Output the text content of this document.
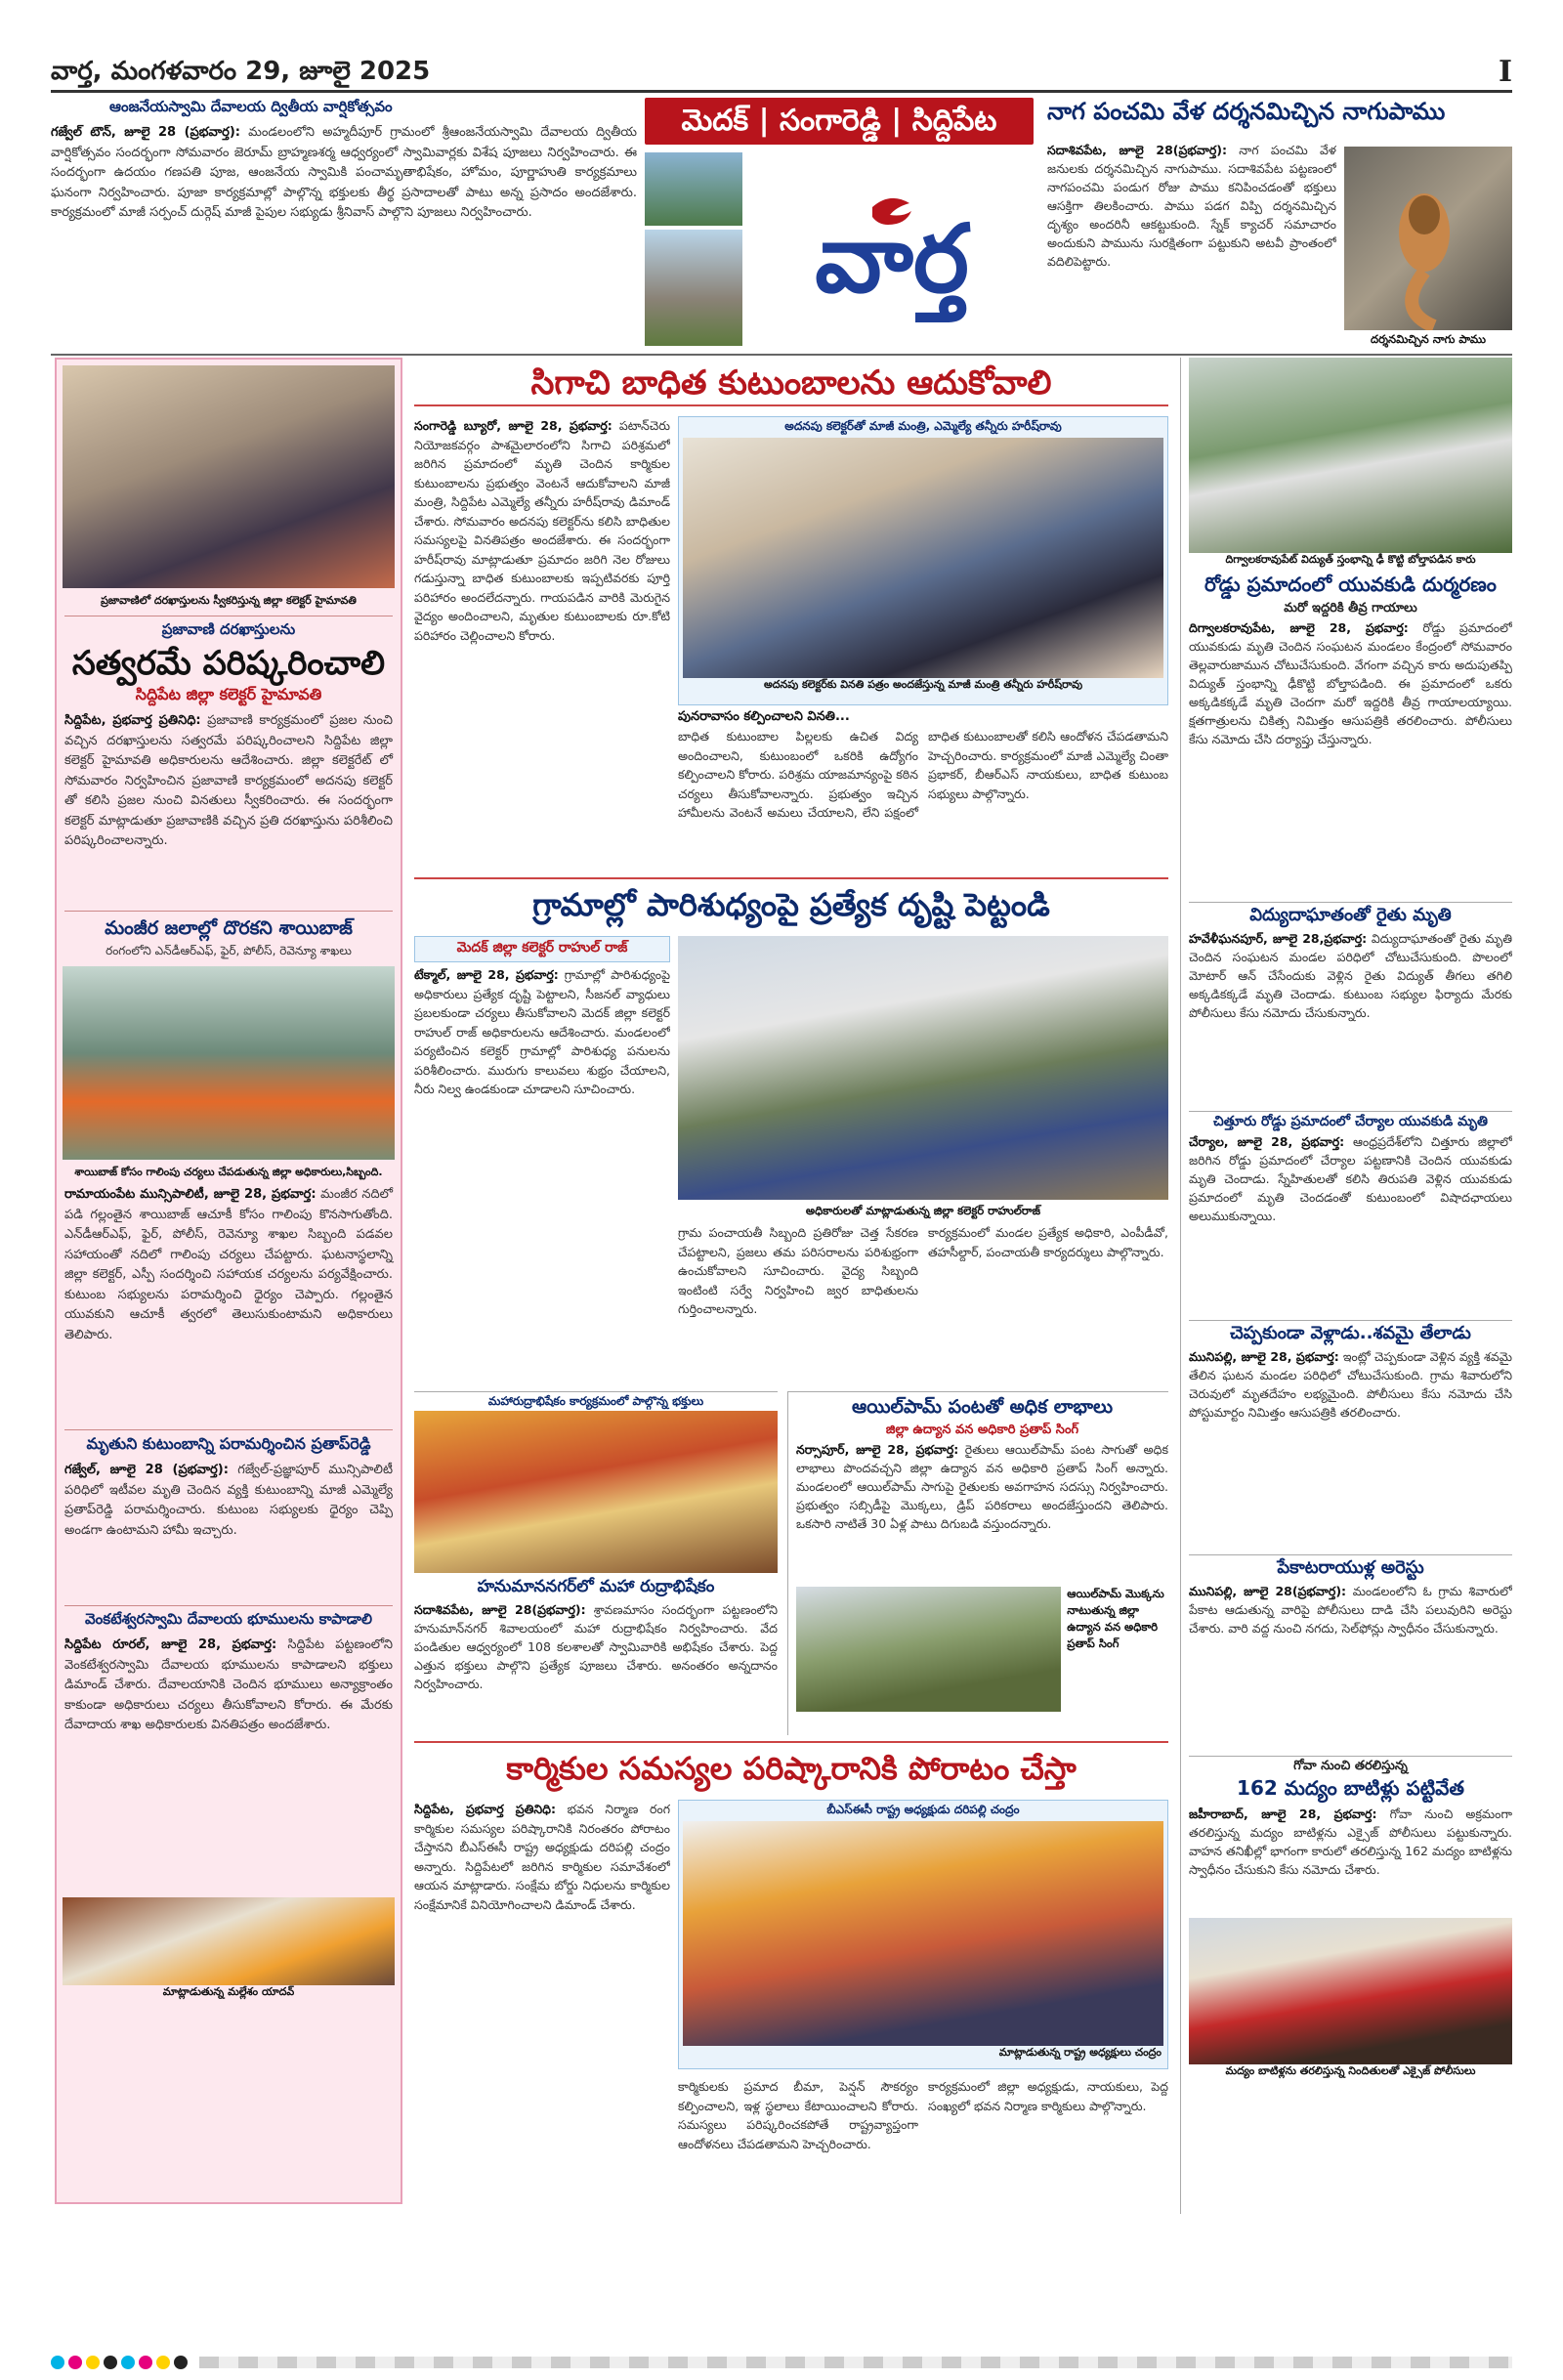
వార్త, మంగళవారం 29, జూలై 2025	I
ఆంజనేయస్వామి దేవాలయ ద్వితీయ వార్షికోత్సవం
గజ్వేల్ టౌన్, జూలై 28 (ప్రభవార్త): మండలంలోని అహ్మదీపూర్ గ్రామంలో శ్రీఆంజనేయస్వామి దేవాలయ ద్వితీయ వార్షికోత్సవం సందర్భంగా సోమవారం జెరూమ్ బ్రాహ్మణశర్మ ఆధ్వర్యంలో స్వామివార్లకు విశేష పూజలు నిర్వహించారు. ఈ సందర్భంగా ఉదయం గణపతి పూజ, ఆంజనేయ స్వామికి పంచామృతాభిషేకం, హోమం, పూర్ణాహుతి కార్యక్రమాలు ఘనంగా నిర్వహించారు. పూజా కార్యక్రమాల్లో పాల్గొన్న భక్తులకు తీర్థ ప్రసాదాలతో పాటు అన్న ప్రసాదం అందజేశారు. కార్యక్రమంలో మాజీ సర్పంచ్ దుర్గెష్ మాజీ పైపుల సభ్యుడు శ్రీనివాస్ పాల్గొని పూజలు నిర్వహించారు.
మెదక్ | సంగారెడ్డి | సిద్దిపేట
వార్త
నాగ పంచమి వేళ దర్శనమిచ్చిన నాగుపాము
సదాశివపేట, జూలై 28(ప్రభవార్త): నాగ పంచమి వేళ జనులకు దర్శనమిచ్చిన నాగుపాము. సదాశివపేట పట్టణంలో నాగపంచమి పండుగ రోజు పాము కనిపించడంతో భక్తులు ఆసక్తిగా తిలకించారు. పాము పడగ విప్పి దర్శనమిచ్చిన దృశ్యం అందరినీ ఆకట్టుకుంది. స్నేక్ క్యాచర్ సమాచారం అందుకుని పామును సురక్షితంగా పట్టుకుని అటవీ ప్రాంతంలో వదిలిపెట్టారు.
దర్శనమిచ్చిన నాగు పాము
ప్రజావాణిలో దరఖాస్తులను స్వీకరిస్తున్న జిల్లా కలెక్టర్ హైమావతి
ప్రజావాణి దరఖాస్తులను
సత్వరమే పరిష్కరించాలి
సిద్దిపేట జిల్లా కలెక్టర్ హైమావతి
సిద్దిపేట, ప్రభవార్త ప్రతినిధి: ప్రజావాణి కార్యక్రమంలో ప్రజల నుంచి వచ్చిన దరఖాస్తులను సత్వరమే పరిష్కరించాలని సిద్దిపేట జిల్లా కలెక్టర్ హైమావతి అధికారులను ఆదేశించారు. జిల్లా కలెక్టరేట్ లో సోమవారం నిర్వహించిన ప్రజావాణి కార్యక్రమంలో అదనపు కలెక్టర్ తో కలిసి ప్రజల నుంచి వినతులు స్వీకరించారు. ఈ సందర్భంగా కలెక్టర్ మాట్లాడుతూ ప్రజావాణికి వచ్చిన ప్రతి దరఖాస్తును పరిశీలించి పరిష్కరించాలన్నారు.
మంజీర జలాల్లో దొరకని శాయిబాజ్
రంగంలోని ఎన్‌డీఆర్‌ఎఫ్, ఫైర్, పోలీస్, రెవెన్యూ శాఖలు
శాయిబాజ్ కోసం గాలింపు చర్యలు చేపడుతున్న జిల్లా అధికారులు,సిబ్బంది.
రామాయంపేట మున్సిపాలిటీ, జూలై 28, ప్రభవార్త: మంజీర నదిలో పడి గల్లంతైన శాయిబాజ్ ఆచూకీ కోసం గాలింపు కొనసాగుతోంది. ఎన్‌డీఆర్‌ఎఫ్, ఫైర్, పోలీస్, రెవెన్యూ శాఖల సిబ్బంది పడవల సహాయంతో నదిలో గాలింపు చర్యలు చేపట్టారు. ఘటనాస్థలాన్ని జిల్లా కలెక్టర్, ఎస్పీ సందర్శించి సహాయక చర్యలను పర్యవేక్షించారు. కుటుంబ సభ్యులను పరామర్శించి ధైర్యం చెప్పారు. గల్లంతైన యువకుని ఆచూకీ త్వరలో తెలుసుకుంటామని అధికారులు తెలిపారు.
మృతుని కుటుంబాన్ని పరామర్శించిన ప్రతాప్‌రెడ్డి
గజ్వేల్, జూలై 28 (ప్రభవార్త): గజ్వేల్-ప్రజ్ఞాపూర్ మున్సిపాలిటీ పరిధిలో ఇటీవల మృతి చెందిన వ్యక్తి కుటుంబాన్ని మాజీ ఎమ్మెల్యే ప్రతాప్‌రెడ్డి పరామర్శించారు. కుటుంబ సభ్యులకు ధైర్యం చెప్పి అండగా ఉంటామని హామీ ఇచ్చారు.
వెంకటేశ్వరస్వామి దేవాలయ భూములను కాపాడాలి
సిద్దిపేట రూరల్, జూలై 28, ప్రభవార్త: సిద్దిపేట పట్టణంలోని వెంకటేశ్వరస్వామి దేవాలయ భూములను కాపాడాలని భక్తులు డిమాండ్ చేశారు. దేవాలయానికి చెందిన భూములు అన్యాక్రాంతం కాకుండా అధికారులు చర్యలు తీసుకోవాలని కోరారు. ఈ మేరకు దేవాదాయ శాఖ అధికారులకు వినతిపత్రం అందజేశారు.
మాట్లాడుతున్న మల్లేశం యాదవ్
సిగాచి బాధిత కుటుంబాలను ఆదుకోవాలి
సంగారెడ్డి బ్యూరో, జూలై 28, ప్రభవార్త: పటాన్‌చెరు నియోజకవర్గం పాశమైలారంలోని సిగాచి పరిశ్రమలో జరిగిన ప్రమాదంలో మృతి చెందిన కార్మికుల కుటుంబాలను ప్రభుత్వం వెంటనే ఆదుకోవాలని మాజీ మంత్రి, సిద్దిపేట ఎమ్మెల్యే తన్నీరు హరీష్‌రావు డిమాండ్ చేశారు. సోమవారం అదనపు కలెక్టర్‌ను కలిసి బాధితుల సమస్యలపై వినతిపత్రం అందజేశారు. ఈ సందర్భంగా హరీష్‌రావు మాట్లాడుతూ ప్రమాదం జరిగి నెల రోజులు గడుస్తున్నా బాధిత కుటుంబాలకు ఇప్పటివరకు పూర్తి పరిహారం అందలేదన్నారు. గాయపడిన వారికి మెరుగైన వైద్యం అందించాలని, మృతుల కుటుంబాలకు రూ.కోటి పరిహారం చెల్లించాలని కోరారు.
అదనపు కలెక్టర్‌తో మాజీ మంత్రి, ఎమ్మెల్యే తన్నీరు హరీష్‌రావు
అదనపు కలెక్టర్‌కు వినతి పత్రం అందజేస్తున్న మాజీ మంత్రి తన్నీరు హరీష్‌రావు
పునరావాసం కల్పించాలని వినతి...
బాధిత కుటుంబాల పిల్లలకు ఉచిత విద్య అందించాలని, కుటుంబంలో ఒకరికి ఉద్యోగం కల్పించాలని కోరారు. పరిశ్రమ యాజమాన్యంపై కఠిన చర్యలు తీసుకోవాలన్నారు. ప్రభుత్వం ఇచ్చిన హామీలను వెంటనే అమలు చేయాలని, లేని పక్షంలో బాధిత కుటుంబాలతో కలిసి ఆందోళన చేపడతామని హెచ్చరించారు. కార్యక్రమంలో మాజీ ఎమ్మెల్యే చింతా ప్రభాకర్, బీఆర్‌ఎస్ నాయకులు, బాధిత కుటుంబ సభ్యులు పాల్గొన్నారు.
దిగ్వాలకరావుపేట్ విద్యుత్ స్తంభాన్ని ఢీ కొట్టి బోల్తాపడిన కారు
రోడ్డు ప్రమాదంలో యువకుడి దుర్మరణం
మరో ఇద్దరికి తీవ్ర గాయాలు
దిగ్వాలకరావుపేట, జూలై 28, ప్రభవార్త: రోడ్డు ప్రమాదంలో యువకుడు మృతి చెందిన సంఘటన మండలం కేంద్రంలో సోమవారం తెల్లవారుజామున చోటుచేసుకుంది. వేగంగా వచ్చిన కారు అదుపుతప్పి విద్యుత్ స్తంభాన్ని ఢీకొట్టి బోల్తాపడింది. ఈ ప్రమాదంలో ఒకరు అక్కడికక్కడే మృతి చెందగా మరో ఇద్దరికి తీవ్ర గాయాలయ్యాయి. క్షతగాత్రులను చికిత్స నిమిత్తం ఆసుపత్రికి తరలించారు. పోలీసులు కేసు నమోదు చేసి దర్యాప్తు చేస్తున్నారు.
విద్యుదాఘాతంతో రైతు మృతి
హవేళీఘనపూర్, జూలై 28,ప్రభవార్త: విద్యుదాఘాతంతో రైతు మృతి చెందిన సంఘటన మండల పరిధిలో చోటుచేసుకుంది. పొలంలో మోటార్ ఆన్ చేసేందుకు వెళ్లిన రైతు విద్యుత్ తీగలు తగిలి అక్కడికక్కడే మృతి చెందాడు. కుటుంబ సభ్యుల ఫిర్యాదు మేరకు పోలీసులు కేసు నమోదు చేసుకున్నారు.
చిత్తూరు రోడ్డు ప్రమాదంలో చేర్యాల యువకుడి మృతి
చేర్యాల, జూలై 28, ప్రభవార్త: ఆంధ్రప్రదేశ్‌లోని చిత్తూరు జిల్లాలో జరిగిన రోడ్డు ప్రమాదంలో చేర్యాల పట్టణానికి చెందిన యువకుడు మృతి చెందాడు. స్నేహితులతో కలిసి తిరుపతి వెళ్లిన యువకుడు ప్రమాదంలో మృతి చెందడంతో కుటుంబంలో విషాదఛాయలు అలుముకున్నాయి.
చెప్పకుండా వెళ్లాడు..శవమై తేలాడు
మునిపల్లి, జూలై 28, ప్రభవార్త: ఇంట్లో చెప్పకుండా వెళ్లిన వ్యక్తి శవమై తేలిన ఘటన మండల పరిధిలో చోటుచేసుకుంది. గ్రామ శివారులోని చెరువులో మృతదేహం లభ్యమైంది. పోలీసులు కేసు నమోదు చేసి పోస్టుమార్టం నిమిత్తం ఆసుపత్రికి తరలించారు.
పేకాటరాయుళ్ల అరెస్టు
మునిపల్లి, జూలై 28(ప్రభవార్త): మండలంలోని ఓ గ్రామ శివారులో పేకాట ఆడుతున్న వారిపై పోలీసులు దాడి చేసి పలువురిని అరెస్టు చేశారు. వారి వద్ద నుంచి నగదు, సెల్‌ఫోన్లు స్వాధీనం చేసుకున్నారు.
గోవా నుంచి తరలిస్తున్న
162 మద్యం బాటిళ్లు పట్టివేత
జహీరాబాద్, జూలై 28, ప్రభవార్త: గోవా నుంచి అక్రమంగా తరలిస్తున్న మద్యం బాటిళ్లను ఎక్సైజ్ పోలీసులు పట్టుకున్నారు. వాహన తనిఖీల్లో భాగంగా కారులో తరలిస్తున్న 162 మద్యం బాటిళ్లను స్వాధీనం చేసుకుని కేసు నమోదు చేశారు.
మద్యం బాటిళ్లను తరలిస్తున్న నిందితులతో ఎక్సైజ్ పోలీసులు
గ్రామాల్లో పారిశుధ్యంపై ప్రత్యేక దృష్టి పెట్టండి
మెదక్ జిల్లా కలెక్టర్ రాహుల్ రాజ్
టేక్మాల్, జూలై 28, ప్రభవార్త: గ్రామాల్లో పారిశుధ్యంపై అధికారులు ప్రత్యేక దృష్టి పెట్టాలని, సీజనల్ వ్యాధులు ప్రబలకుండా చర్యలు తీసుకోవాలని మెదక్ జిల్లా కలెక్టర్ రాహుల్ రాజ్ అధికారులను ఆదేశించారు. మండలంలో పర్యటించిన కలెక్టర్ గ్రామాల్లో పారిశుధ్య పనులను పరిశీలించారు. మురుగు కాలువలు శుభ్రం చేయాలని, నీరు నిల్వ ఉండకుండా చూడాలని సూచించారు.
అధికారులతో మాట్లాడుతున్న జిల్లా కలెక్టర్ రాహుల్‌రాజ్
గ్రామ పంచాయతీ సిబ్బంది ప్రతిరోజు చెత్త సేకరణ చేపట్టాలని, ప్రజలు తమ పరిసరాలను పరిశుభ్రంగా ఉంచుకోవాలని సూచించారు. వైద్య సిబ్బంది ఇంటింటి సర్వే నిర్వహించి జ్వర బాధితులను గుర్తించాలన్నారు.
కార్యక్రమంలో మండల ప్రత్యేక అధికారి, ఎంపీడీవో, తహసీల్దార్, పంచాయతీ కార్యదర్శులు పాల్గొన్నారు.
మహారుద్రాభిషేకం కార్యక్రమంలో పాల్గొన్న భక్తులు
హనుమాననగర్‌లో మహా రుద్రాభిషేకం
సదాశివపేట, జూలై 28(ప్రభవార్త): శ్రావణమాసం సందర్భంగా పట్టణంలోని హనుమాన్‌నగర్ శివాలయంలో మహా రుద్రాభిషేకం నిర్వహించారు. వేద పండితుల ఆధ్వర్యంలో 108 కలశాలతో స్వామివారికి అభిషేకం చేశారు. పెద్ద ఎత్తున భక్తులు పాల్గొని ప్రత్యేక పూజలు చేశారు. అనంతరం అన్నదానం నిర్వహించారు.
ఆయిల్‌పామ్ పంటతో అధిక లాభాలు
జిల్లా ఉద్యాన వన అధికారి ప్రతాప్ సింగ్
నర్సాపూర్, జూలై 28, ప్రభవార్త: రైతులు ఆయిల్‌పామ్ పంట సాగుతో అధిక లాభాలు పొందవచ్చని జిల్లా ఉద్యాన వన అధికారి ప్రతాప్ సింగ్ అన్నారు. మండలంలో ఆయిల్‌పామ్ సాగుపై రైతులకు అవగాహన సదస్సు నిర్వహించారు. ప్రభుత్వం సబ్సిడీపై మొక్కలు, డ్రిప్ పరికరాలు అందజేస్తుందని తెలిపారు. ఒకసారి నాటితే 30 ఏళ్ల పాటు దిగుబడి వస్తుందన్నారు.
ఆయిల్‌పామ్ మొక్కను నాటుతున్న జిల్లా ఉద్యాన వన అధికారి ప్రతాప్ సింగ్
కార్మికుల సమస్యల పరిష్కారానికి పోరాటం చేస్తా
సిద్దిపేట, ప్రభవార్త ప్రతినిధి: భవన నిర్మాణ రంగ కార్మికుల సమస్యల పరిష్కారానికి నిరంతరం పోరాటం చేస్తానని బీఎస్‌ఈసీ రాష్ట్ర అధ్యక్షుడు దరిపల్లి చంద్రం అన్నారు. సిద్దిపేటలో జరిగిన కార్మికుల సమావేశంలో ఆయన మాట్లాడారు. సంక్షేమ బోర్డు నిధులను కార్మికుల సంక్షేమానికే వినియోగించాలని డిమాండ్ చేశారు.
బీఎస్‌ఈసీ రాష్ట్ర అధ్యక్షుడు దరిపల్లి చంద్రం
మాట్లాడుతున్న రాష్ట్ర అధ్యక్షులు చంద్రం
కార్మికులకు ప్రమాద బీమా, పెన్షన్ సౌకర్యం కల్పించాలని, ఇళ్ల స్థలాలు కేటాయించాలని కోరారు. సమస్యలు పరిష్కరించకపోతే రాష్ట్రవ్యాప్తంగా ఆందోళనలు చేపడతామని హెచ్చరించారు.
కార్యక్రమంలో జిల్లా అధ్యక్షుడు, నాయకులు, పెద్ద సంఖ్యలో భవన నిర్మాణ కార్మికులు పాల్గొన్నారు.
